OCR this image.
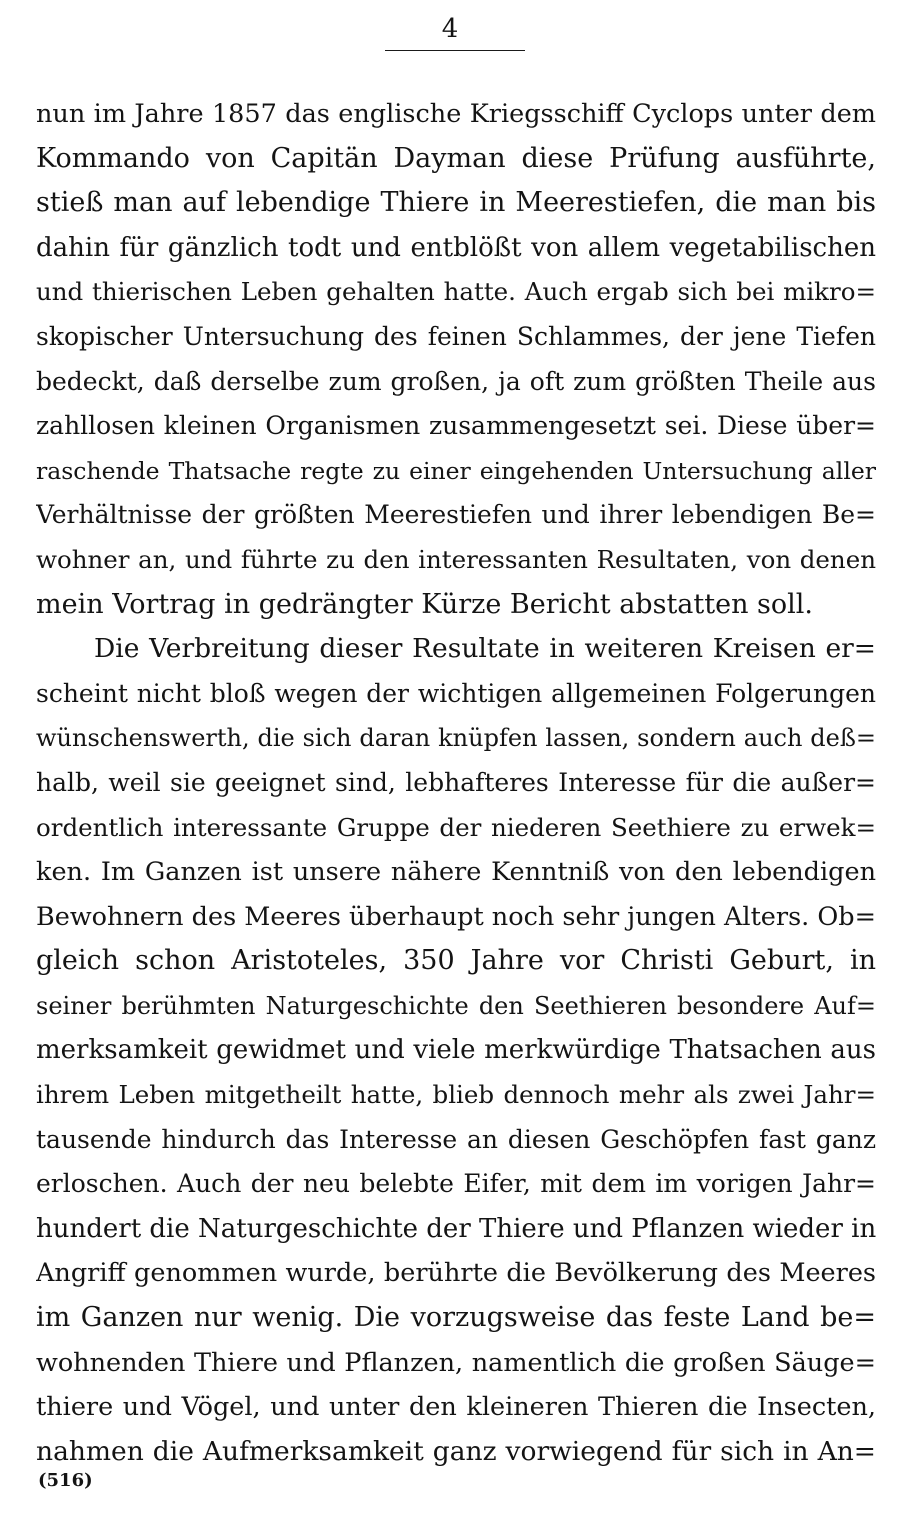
4
nun im Jahre 1857 das englische Kriegsschiff Cyclops unter dem
Kommando von Capitän Dayman diese Prüfung ausführte,
stieß man auf lebendige Thiere in Meerestiefen, die man bis
dahin für gänzlich todt und entblößt von allem vegetabilischen
und thierischen Leben gehalten hatte. Auch ergab sich bei mikro=
skopischer Untersuchung des feinen Schlammes, der jene Tiefen
bedeckt, daß derselbe zum großen, ja oft zum größten Theile aus
zahllosen kleinen Organismen zusammengesetzt sei. Diese über=
raschende Thatsache regte zu einer eingehenden Untersuchung aller
Verhältnisse der größten Meerestiefen und ihrer lebendigen Be=
wohner an, und führte zu den interessanten Resultaten, von denen
mein Vortrag in gedrängter Kürze Bericht abstatten soll.
Die Verbreitung dieser Resultate in weiteren Kreisen er=
scheint nicht bloß wegen der wichtigen allgemeinen Folgerungen
wünschenswerth, die sich daran knüpfen lassen, sondern auch deß=
halb, weil sie geeignet sind, lebhafteres Interesse für die außer=
ordentlich interessante Gruppe der niederen Seethiere zu erwek=
ken. Im Ganzen ist unsere nähere Kenntniß von den lebendigen
Bewohnern des Meeres überhaupt noch sehr jungen Alters. Ob=
gleich schon Aristoteles, 350 Jahre vor Christi Geburt, in
seiner berühmten Naturgeschichte den Seethieren besondere Auf=
merksamkeit gewidmet und viele merkwürdige Thatsachen aus
ihrem Leben mitgetheilt hatte, blieb dennoch mehr als zwei Jahr=
tausende hindurch das Interesse an diesen Geschöpfen fast ganz
erloschen. Auch der neu belebte Eifer, mit dem im vorigen Jahr=
hundert die Naturgeschichte der Thiere und Pflanzen wieder in
Angriff genommen wurde, berührte die Bevölkerung des Meeres
im Ganzen nur wenig. Die vorzugsweise das feste Land be=
wohnenden Thiere und Pflanzen, namentlich die großen Säuge=
thiere und Vögel, und unter den kleineren Thieren die Insecten,
nahmen die Aufmerksamkeit ganz vorwiegend für sich in An=
(516)
